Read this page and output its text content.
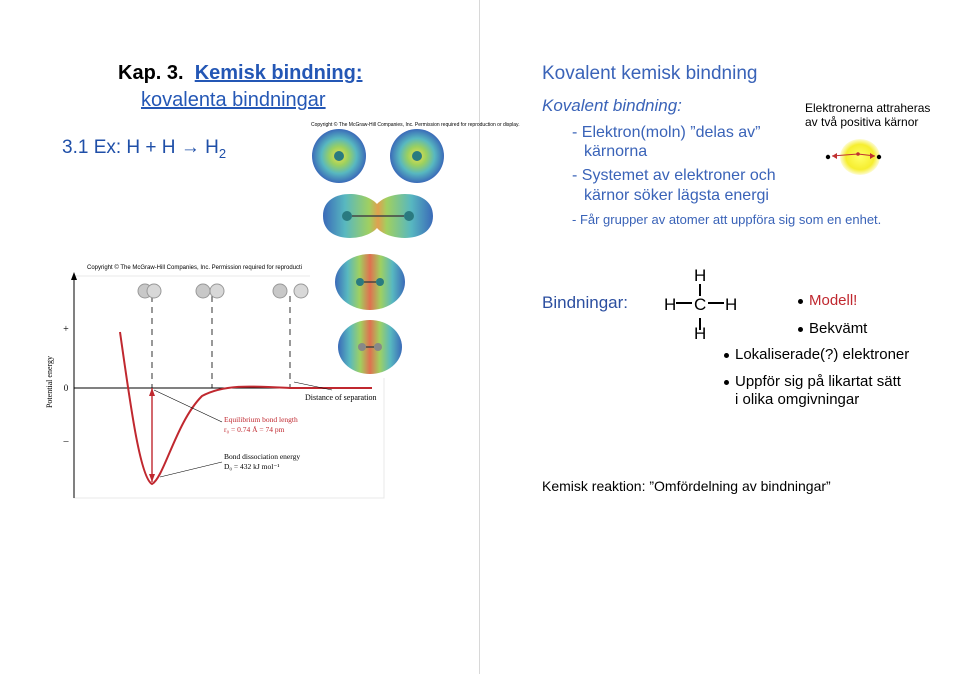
Kap. 3. Kemisk bindning:
kovalenta bindningar
3.1 Ex: $H + H \to H_2$
Copyright © The McGraw-Hill Companies, Inc. Permission required for reproduction or display.
Copyright © The McGraw-Hill Companies, Inc. Permission required for reproducti
+
0
–
Potential energy	Distance of separation
Equilibrium bond length
r₀ = 0.74 Å = 74 pm
Bond dissociation energy
D₀ = 432 kJ mol⁻¹
Kovalent kemisk bindning
Kovalent bindning:
- Elektron(moln) ”delas av”
kärnorna
- Systemet av elektroner och
kärnor söker lägsta energi
Elektronerna attraheras
av två positiva kärnor
- Får grupper av atomer att uppföra sig som en enhet.
Bindningar:
H
H C H
H
Modell!
Bekvämt
Lokaliserade(?) elektroner
Uppför sig på likartat sätt
i olika omgivningar
Kemisk reaktion: ”Omfördelning av bindningar”
